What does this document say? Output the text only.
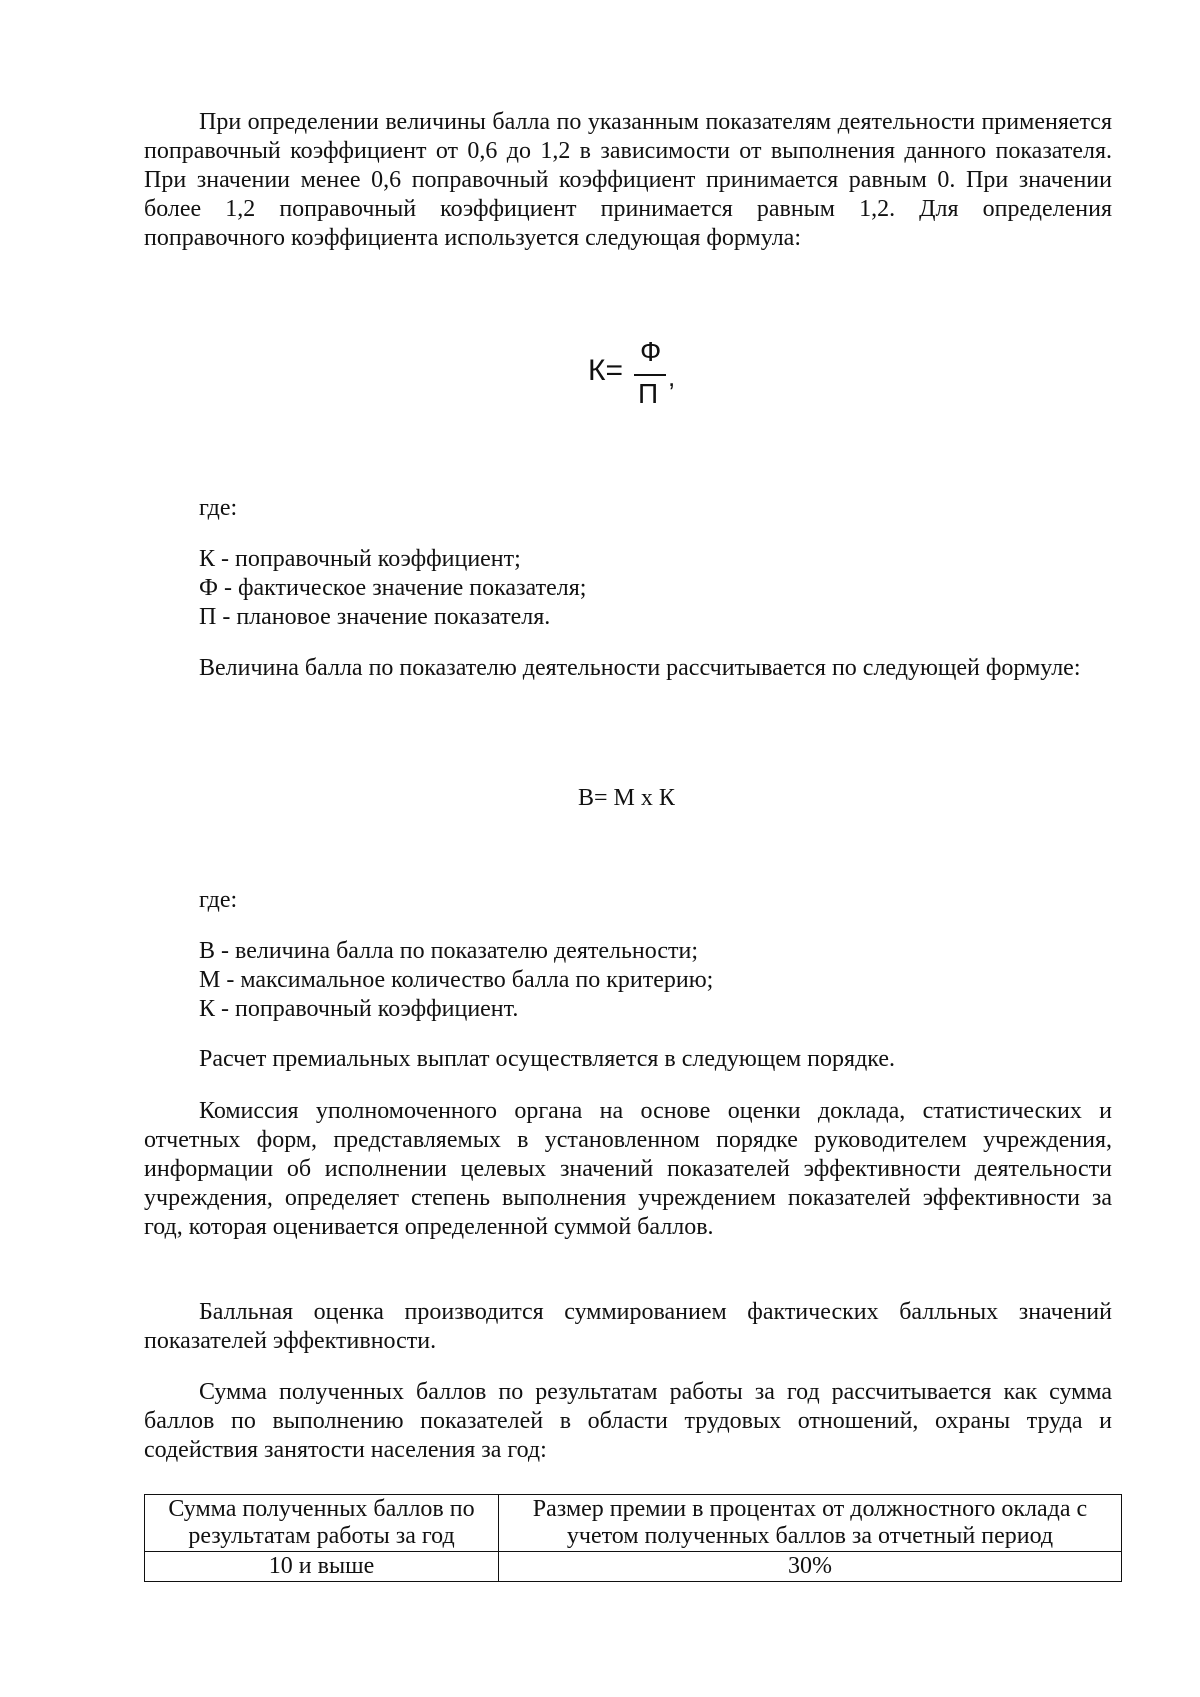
При определении величины балла по указанным показателям деятельности применяется поправочный коэффициент от 0,6 до 1,2 в зависимости от выполнения данного показателя. При значении менее 0,6 поправочный коэффициент принимается равным 0. При значении более 1,2 поправочный коэффициент принимается равным 1,2. Для определения поправочного коэффициента используется следующая формула:
К=
Ф
П
,
где:
К - поправочный коэффициент;
Ф - фактическое значение показателя;
П - плановое значение показателя.
Величина балла по показателю деятельности рассчитывается по следующей формуле:
В= М х К
где:
В - величина балла по показателю деятельности;
М - максимальное количество балла по критерию;
К - поправочный коэффициент.
Расчет премиальных выплат осуществляется в следующем порядке.
Комиссия уполномоченного органа на основе оценки доклада, статистических и отчетных форм, представляемых в установленном порядке руководителем учреждения, информации об исполнении целевых значений показателей эффективности деятельности учреждения, определяет степень выполнения учреждением показателей эффективности за год, которая оценивается определенной суммой баллов.
Балльная оценка производится суммированием фактических балльных значений показателей эффективности.
Сумма полученных баллов по результатам работы за год рассчитывается как сумма баллов по выполнению показателей в области трудовых отношений, охраны труда и содействия занятости населения за год:
Сумма полученных баллов по результатам работы за год	Размер премии в процентах от должностного оклада с учетом полученных баллов за отчетный период
10 и выше	30%
